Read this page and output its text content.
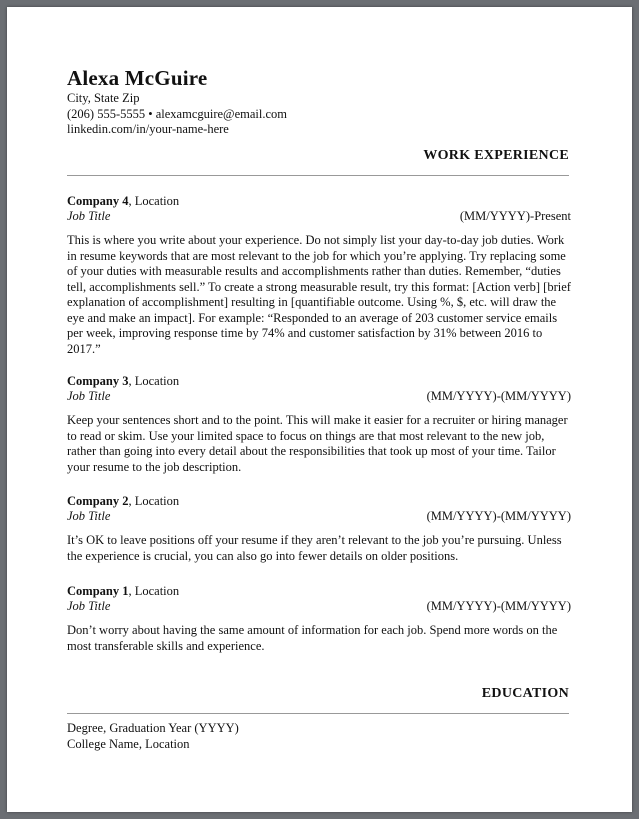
Alexa McGuire
City, State Zip
(206) 555-5555 • alexamcguire@email.com
linkedin.com/in/your-name-here
WORK EXPERIENCE
Company 4, Location
Job Title	(MM/YYYY)-Present
This is where you write about your experience. Do not simply list your day-to-day job duties. Work in resume keywords that are most relevant to the job for which you’re applying. Try replacing some of your duties with measurable results and accomplishments rather than duties. Remember, “duties tell, accomplishments sell.” To create a strong measurable result, try this format: [Action verb] [brief explanation of accomplishment] resulting in [quantifiable outcome. Using %, $, etc. will draw the eye and make an impact]. For example: “Responded to an average of 203 customer service emails per week, improving response time by 74% and customer satisfaction by 31% between 2016 to 2017.”
Company 3, Location
Job Title	(MM/YYYY)-(MM/YYYY)
Keep your sentences short and to the point. This will make it easier for a recruiter or hiring manager to read or skim. Use your limited space to focus on things are that most relevant to the new job, rather than going into every detail about the responsibilities that took up most of your time. Tailor your resume to the job description.
Company 2, Location
Job Title	(MM/YYYY)-(MM/YYYY)
It’s OK to leave positions off your resume if they aren’t relevant to the job you’re pursuing. Unless the experience is crucial, you can also go into fewer details on older positions.
Company 1, Location
Job Title	(MM/YYYY)-(MM/YYYY)
Don’t worry about having the same amount of information for each job. Spend more words on the most transferable skills and experience.
EDUCATION
Degree, Graduation Year (YYYY)
College Name, Location
